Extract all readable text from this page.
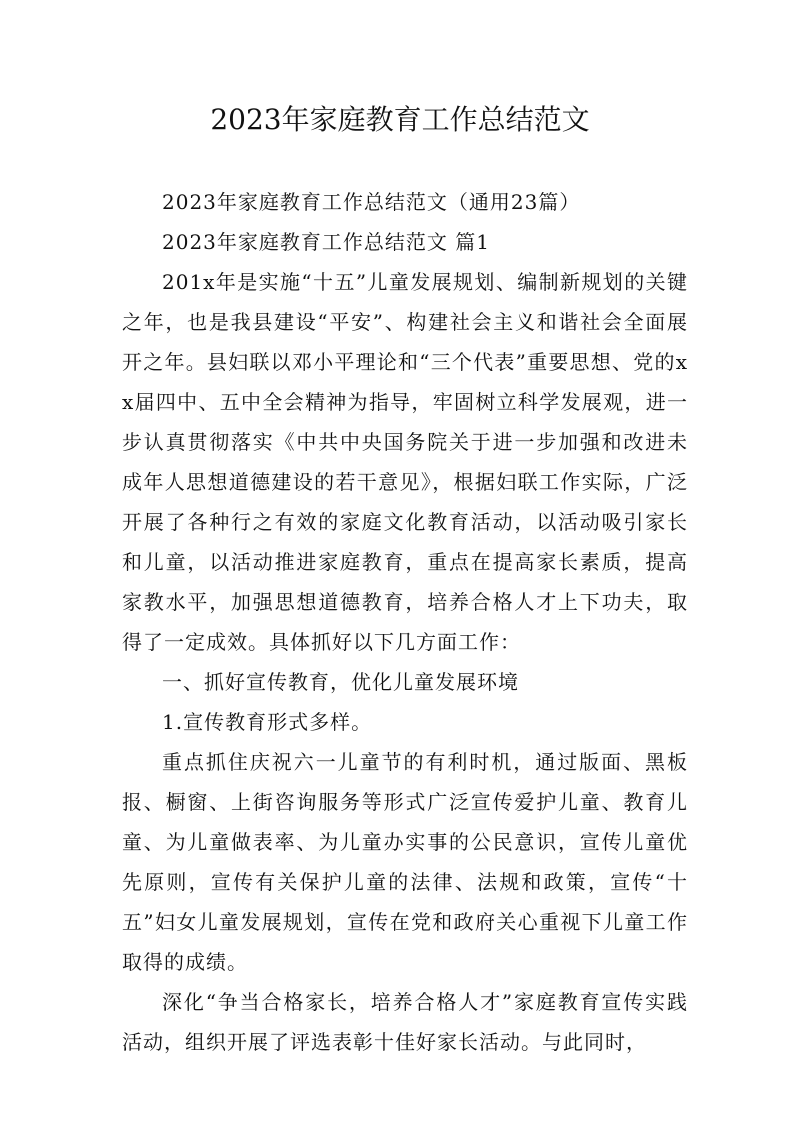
2023年家庭教育工作总结范文

2023年家庭教育工作总结范文（通用23篇）

2023年家庭教育工作总结范文 篇1

201x年是实施“十五”儿童发展规划、编制新规划的关键之年，也是我县建设“平安”、构建社会主义和谐社会全面展开之年。县妇联以邓小平理论和“三个代表”重要思想、党的xx届四中、五中全会精神为指导，牢固树立科学发展观，进一步认真贯彻落实《中共中央国务院关于进一步加强和改进未成年人思想道德建设的若干意见》，根据妇联工作实际，广泛开展了各种行之有效的家庭文化教育活动，以活动吸引家长和儿童，以活动推进家庭教育，重点在提高家长素质，提高家教水平，加强思想道德教育，培养合格人才上下功夫，取得了一定成效。具体抓好以下几方面工作：

一、抓好宣传教育，优化儿童发展环境

1.宣传教育形式多样。

重点抓住庆祝六一儿童节的有利时机，通过版面、黑板报、橱窗、上街咨询服务等形式广泛宣传爱护儿童、教育儿童、为儿童做表率、为儿童办实事的公民意识，宣传儿童优先原则，宣传有关保护儿童的法律、法规和政策，宣传“十五”妇女儿童发展规划，宣传在党和政府关心重视下儿童工作取得的成绩。

深化“争当合格家长，培养合格人才”家庭教育宣传实践活动，组织开展了评选表彰十佳好家长活动。与此同时，
